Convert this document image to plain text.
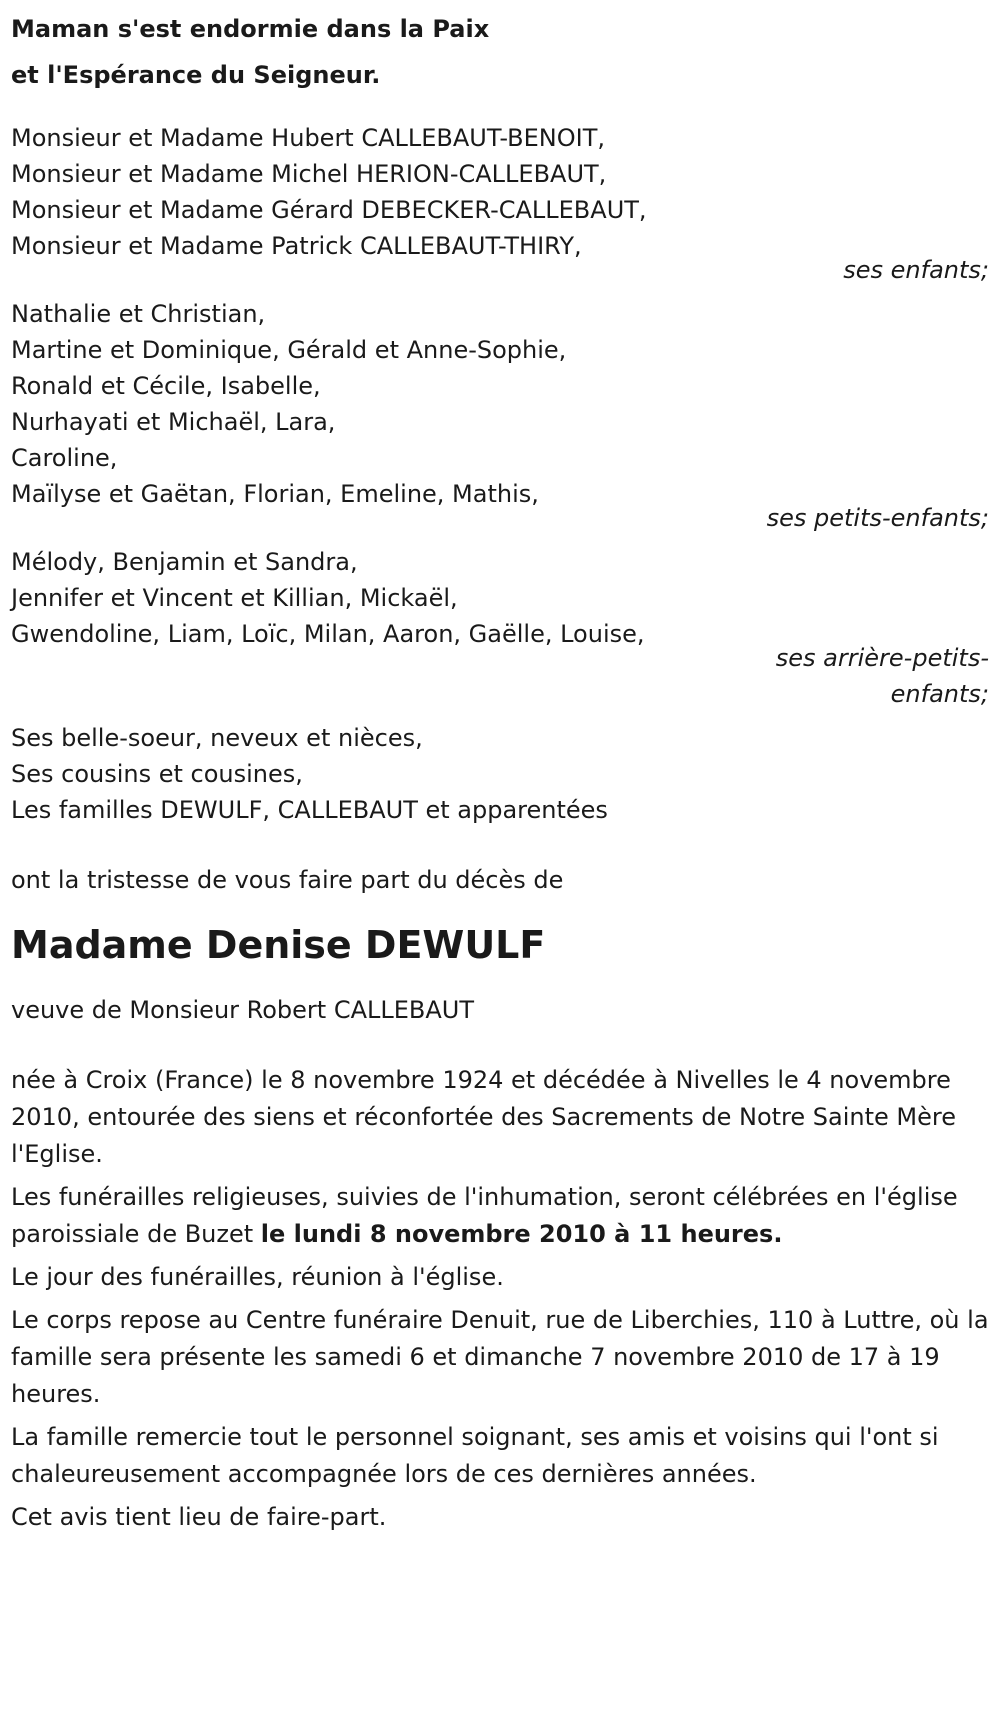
Maman s'est endormie dans la Paix
et l'Espérance du Seigneur.
Monsieur et Madame Hubert CALLEBAUT-BENOIT,
Monsieur et Madame Michel HERION-CALLEBAUT,
Monsieur et Madame Gérard DEBECKER-CALLEBAUT,
Monsieur et Madame Patrick CALLEBAUT-THIRY,
ses enfants;
Nathalie et Christian,
Martine et Dominique, Gérald et Anne-Sophie,
Ronald et Cécile, Isabelle,
Nurhayati et Michaël, Lara,
Caroline,
Maïlyse et Gaëtan, Florian, Emeline, Mathis,
ses petits-enfants;
Mélody, Benjamin et Sandra,
Jennifer et Vincent et Killian, Mickaël,
Gwendoline, Liam, Loïc, Milan, Aaron, Gaëlle, Louise,
ses arrière-petits-enfants;
Ses belle-soeur, neveux et nièces,
Ses cousins et cousines,
Les familles DEWULF, CALLEBAUT et apparentées
ont la tristesse de vous faire part du décès de
Madame Denise DEWULF
veuve de Monsieur Robert CALLEBAUT
née à Croix (France) le 8 novembre 1924 et décédée à Nivelles le 4 novembre 2010, entourée des siens et réconfortée des Sacrements de Notre Sainte Mère l'Eglise.
Les funérailles religieuses, suivies de l'inhumation, seront célébrées en l'église paroissiale de Buzet le lundi 8 novembre 2010 à 11 heures.
Le jour des funérailles, réunion à l'église.
Le corps repose au Centre funéraire Denuit, rue de Liberchies, 110 à Luttre, où la famille sera présente les samedi 6 et dimanche 7 novembre 2010 de 17 à 19 heures.
La famille remercie tout le personnel soignant, ses amis et voisins qui l'ont si chaleureusement accompagnée lors de ces dernières années.
Cet avis tient lieu de faire-part.
